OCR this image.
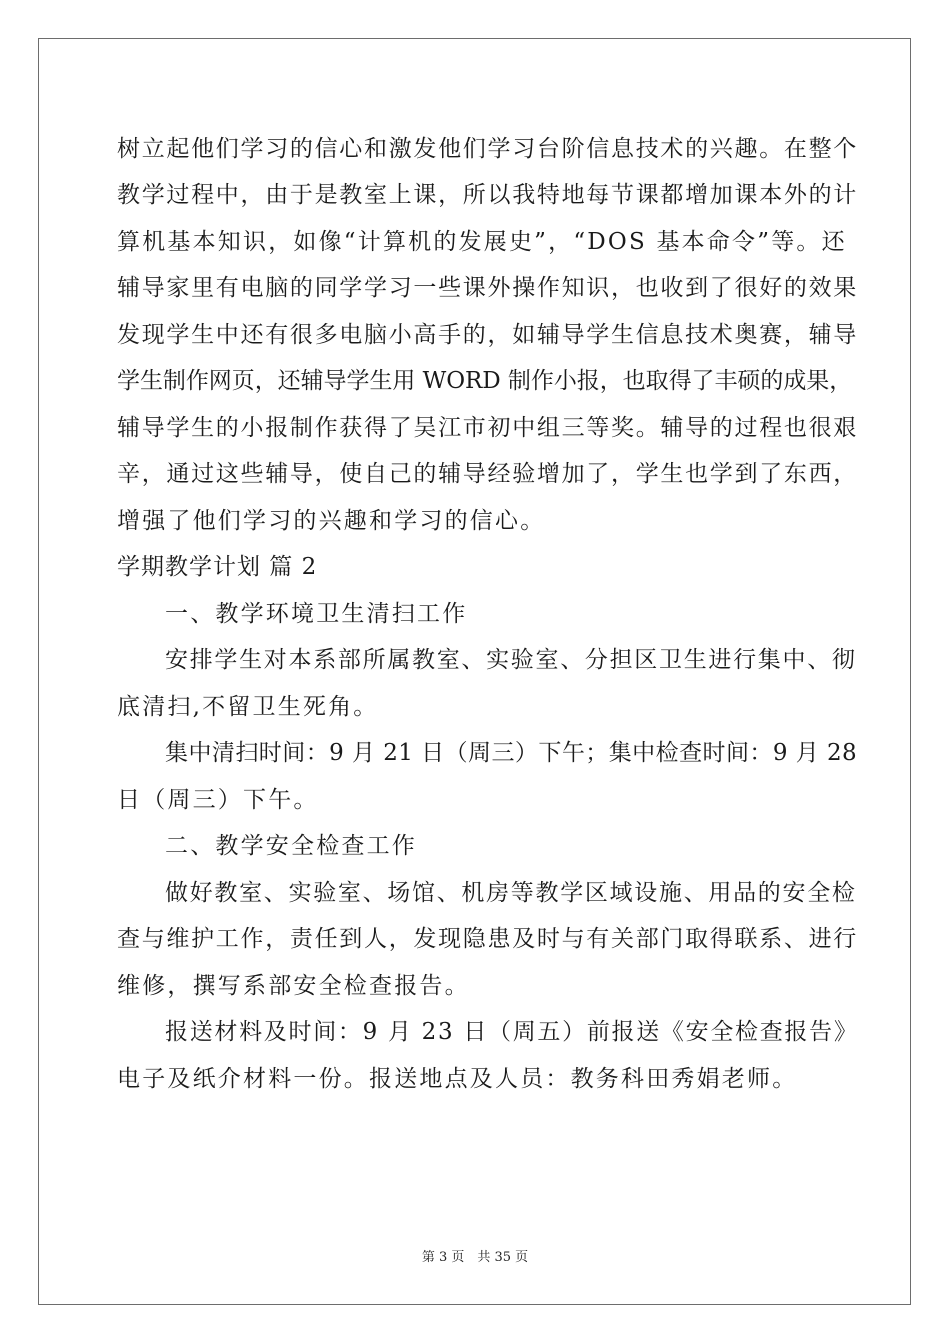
树立起他们学习的信心和激发他们学习台阶信息技术的兴趣。在整个
教学过程中，由于是教室上课，所以我特地每节课都增加课本外的计
算机基本知识，如像“计算机的发展史”，“DOS 基本命令”等。还
辅导家里有电脑的同学学习一些课外操作知识，也收到了很好的效果
发现学生中还有很多电脑小高手的，如辅导学生信息技术奥赛，辅导
学生制作网页，还辅导学生用 WORD 制作小报，也取得了丰硕的成果，
辅导学生的小报制作获得了吴江市初中组三等奖。辅导的过程也很艰
辛，通过这些辅导，使自己的辅导经验增加了，学生也学到了东西，
增强了他们学习的兴趣和学习的信心。
学期教学计划 篇 2
一、教学环境卫生清扫工作
安排学生对本系部所属教室、实验室、分担区卫生进行集中、彻
底清扫,不留卫生死角。
集中清扫时间：9 月 21 日（周三）下午；集中检查时间：9 月 28
日（周三）下午。
二、教学安全检查工作
做好教室、实验室、场馆、机房等教学区域设施、用品的安全检
查与维护工作，责任到人，发现隐患及时与有关部门取得联系、进行
维修，撰写系部安全检查报告。
报送材料及时间：9 月 23 日（周五）前报送《安全检查报告》
电子及纸介材料一份。报送地点及人员：教务科田秀娟老师。
第 3 页　共 35 页
